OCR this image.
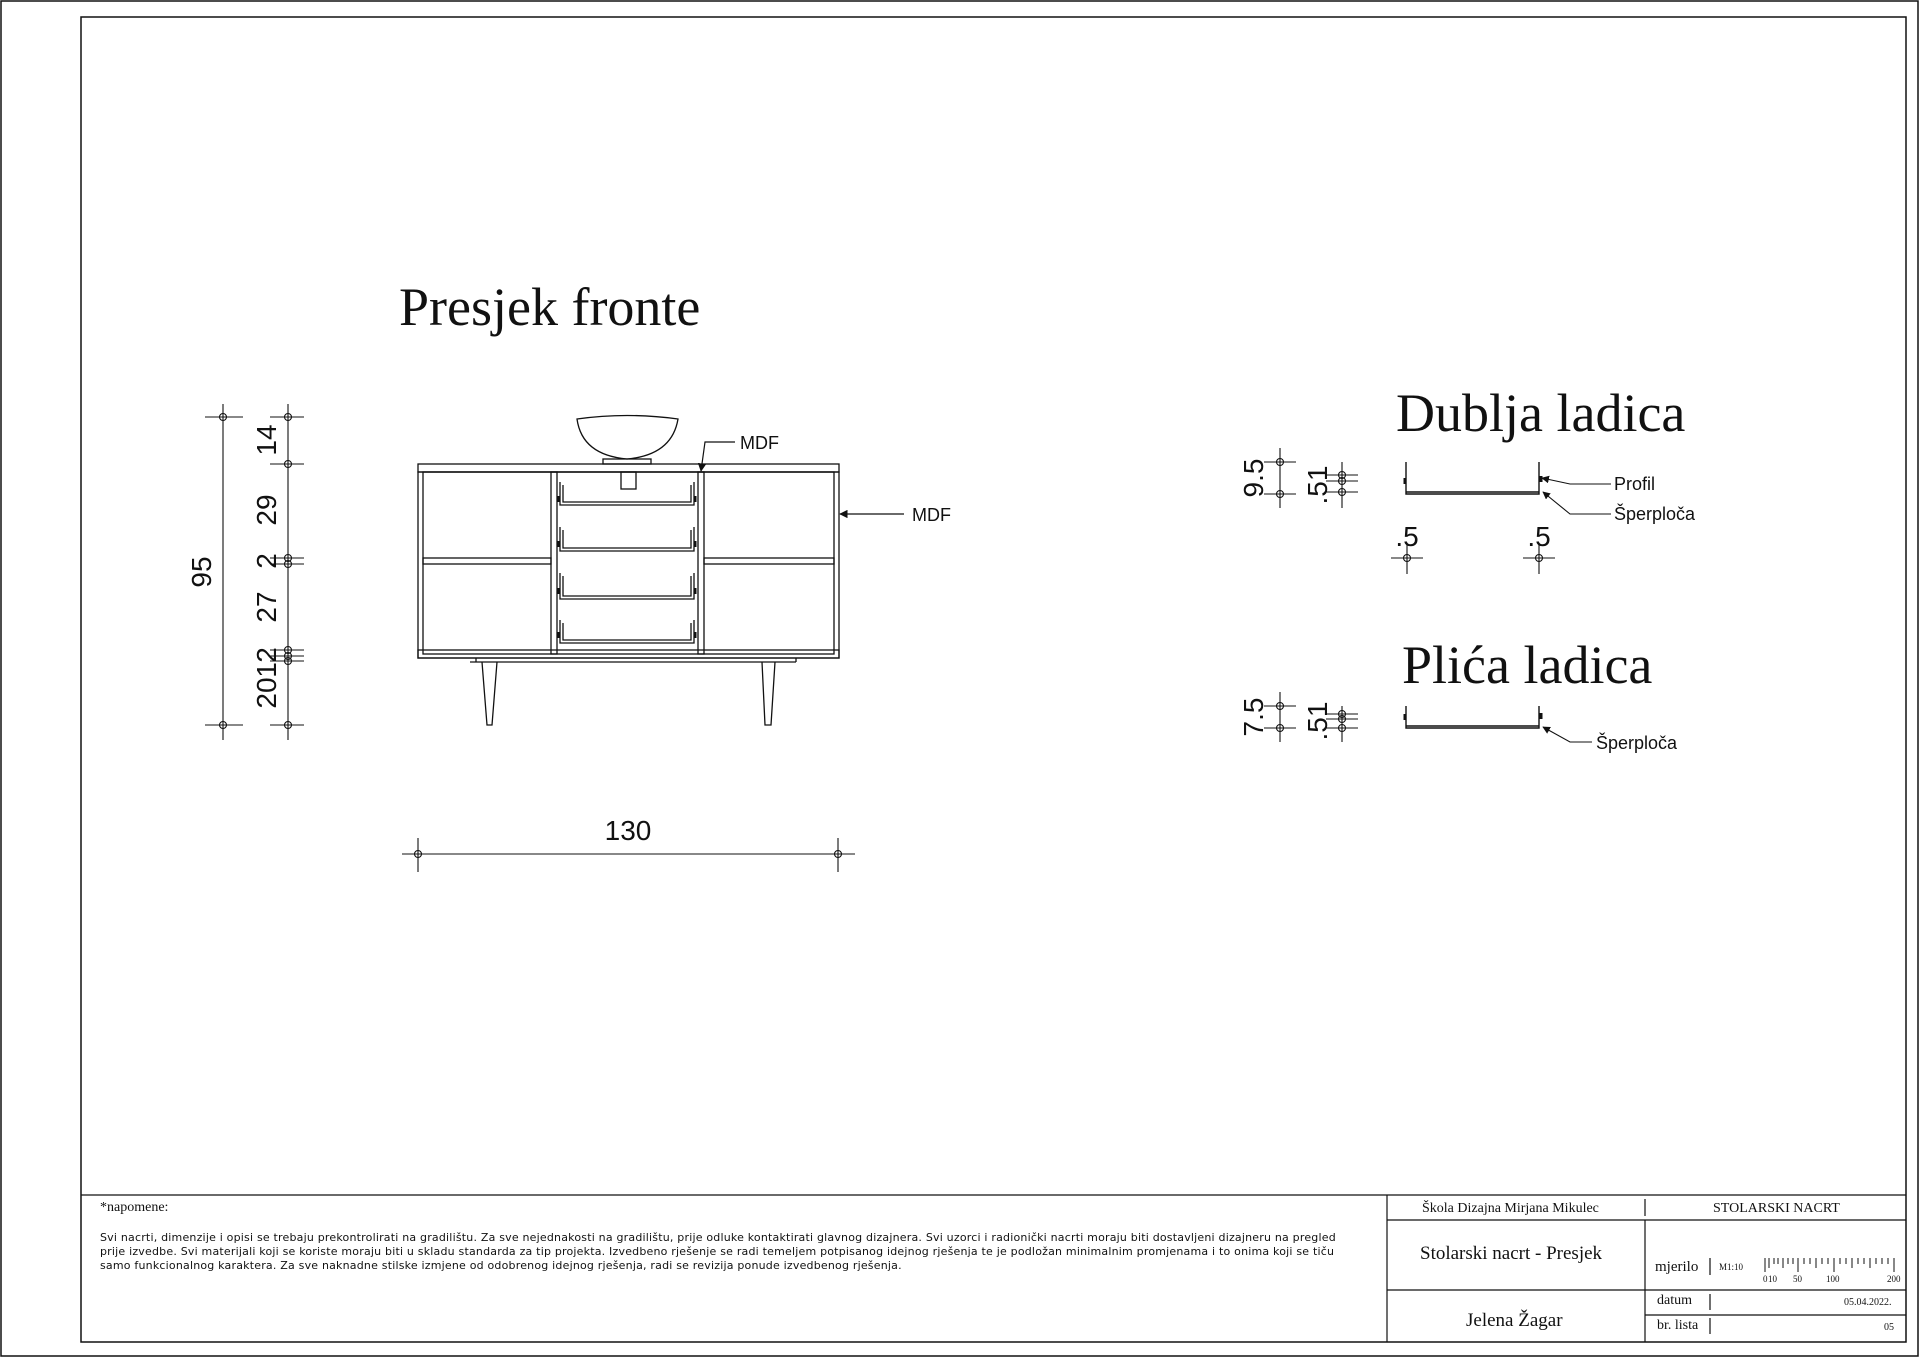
95
14
29
2
27
2
1
20
130
9.5 .51
.5	.5
7.5 .51
0 10 50	100	200
Presjek fronte
Dublja ladica
Plića ladica
MDF
MDF
Profil
Šperploča
Šperploča
*napomene:
Svi nacrti, dimenzije i opisi se trebaju prekontrolirati na gradilištu. Za sve nejednakosti na gradilištu, prije odluke kontaktirati glavnog dizajnera. Svi uzorci i radionički nacrti moraju biti dostavljeni dizajneru na pregled prije izvedbe. Svi materijali koji se koriste moraju biti u skladu standarda za tip projekta. Izvedbeno rješenje se radi temeljem potpisanog idejnog rješenja te je podložan minimalnim promjenama i to onima koji se tiču samo funkcionalnog karaktera. Za sve naknadne stilske izmjene od odobrenog idejnog rješenja, radi se revizija ponude izvedbenog rješenja.
Škola Dizajna Mirjana Mikulec	STOLARSKI NACRT
Stolarski nacrt - Presjek
Jelena Žagar
mjerilo M1:10
datum	05.04.2022.
br. lista	05
